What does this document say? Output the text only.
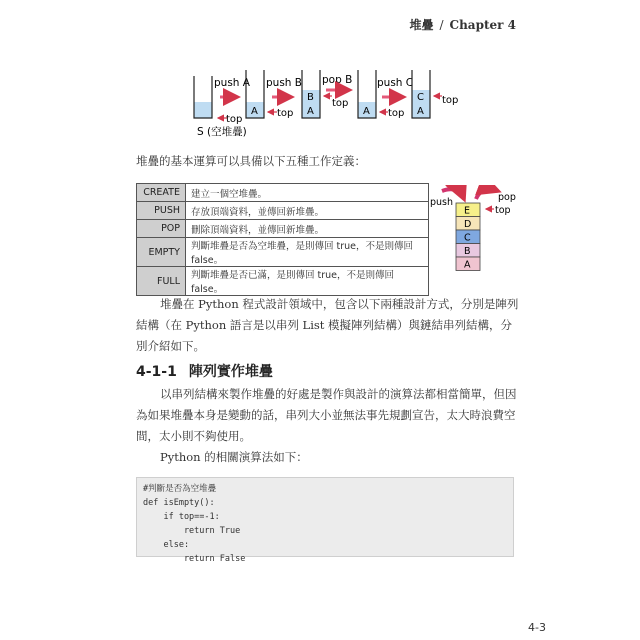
堆疊 / Chapter 4
push A
top
S (空堆疊)
A top
push B
B
A
top
pop B
A top
push C
C
A
top
堆疊的基本運算可以具備以下五種工作定義：
CREATE	建立一個空堆疊。
PUSH	存放頂端資料，並傳回新堆疊。
POP	刪除頂端資料，並傳回新堆疊。
EMPTY	判斷堆疊是否為空堆疊，是則傳回 true，不是則傳回 false。
FULL	判斷堆疊是否已滿，是則傳回 true，不是則傳回 false。
push	pop
top
E
D
C
B
A
堆疊在 Python 程式設計領域中，包含以下兩種設計方式，分別是陣列結構（在 Python 語言是以串列 List 模擬陣列結構）與鏈結串列結構，分別介紹如下。
4-1-1 陣列實作堆疊
以串列結構來製作堆疊的好處是製作與設計的演算法都相當簡單，但因為如果堆疊本身是變動的話，串列大小並無法事先規劃宣告，太大時浪費空間，太小則不夠使用。
Python 的相關演算法如下：
#判斷是否為空堆疊
def isEmpty():
if top==-1:
return True
else:
return False
4-3
